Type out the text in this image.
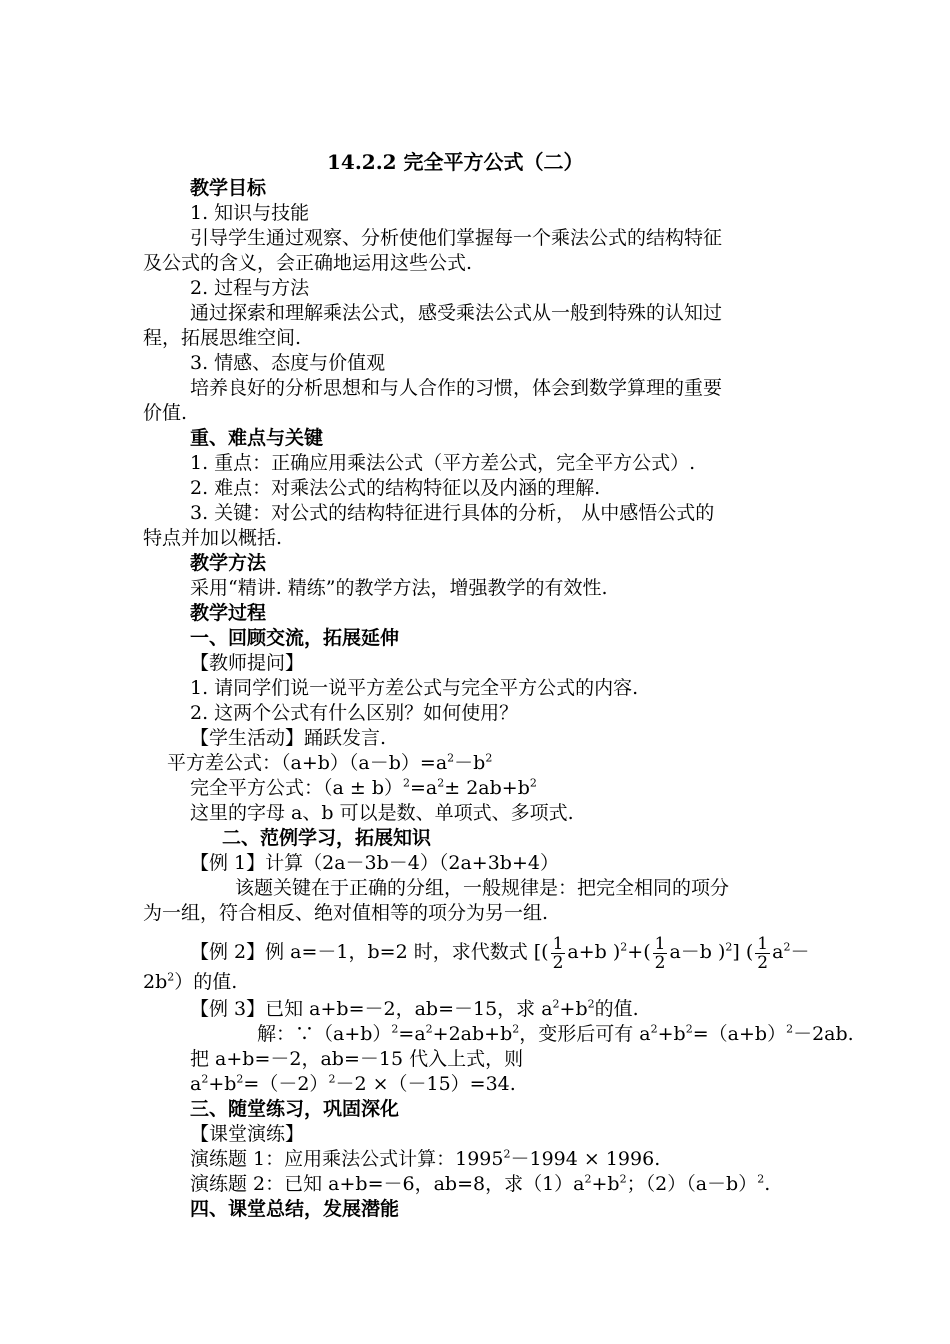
14.2.2 完全平方公式（二）
教学目标
1. 知识与技能
引导学生通过观察、分析使他们掌握每一个乘法公式的结构特征
及公式的含义，会正确地运用这些公式.
2. 过程与方法
通过探索和理解乘法公式，感受乘法公式从一般到特殊的认知过
程，拓展思维空间.
3. 情感、态度与价值观
培养良好的分析思想和与人合作的习惯，体会到数学算理的重要
价值.
重、难点与关键
1. 重点：正确应用乘法公式（平方差公式，完全平方公式）.
2. 难点：对乘法公式的结构特征以及内涵的理解.
3. 关键：对公式的结构特征进行具体的分析， 从中感悟公式的
特点并加以概括.
教学方法
采用“精讲. 精练”的教学方法，增强教学的有效性.
教学过程
一、回顾交流，拓展延伸
【教师提问】
1. 请同学们说一说平方差公式与完全平方公式的内容.
2. 这两个公式有什么区别？如何使用？
【学生活动】踊跃发言.
平方差公式：$(a+b)(a-b)=a^2-b^2$
完全平方公式：$(a \pm b)^2=a^2\pm 2ab+b^2$
这里的字母 a、b 可以是数、单项式、多项式.
二、范例学习，拓展知识
【例 1】计算（2a－3b－4）（2a+3b+4）
该题关键在于正确的分组，一般规律是：把完全相同的项分
为一组，符合相反、绝对值相等的项分为另一组.
【例 2】例 a=－1，b=2 时，求代数式 [( $\frac{1}{2} a+b$ )$^2+( \frac{1}{2} a-b$ )$^2$] ( $\frac{1}{2} a^2-$
$2b^2$）的值.
【例 3】已知 a+b=－2，ab=－15，求 $a^2+b^2$的值.
解：$\because(a+b)^2=a^2+2ab+b^2$，变形后可有 $a^2+b^2=(a+b)^2-2ab$.
把 a+b=－2，ab=－15 代入上式，则
$a^2+b^2=(-2)^2-2 \times(-15)=34$.
三、随堂练习，巩固深化
【课堂演练】
演练题 1：应用乘法公式计算：$1995^2-1994 \times 1996$.
演练题 2：已知 a+b=－6，ab=8，求$(1)a^2+b^2$；$(2)(a-b)^2$.
四、课堂总结，发展潜能
